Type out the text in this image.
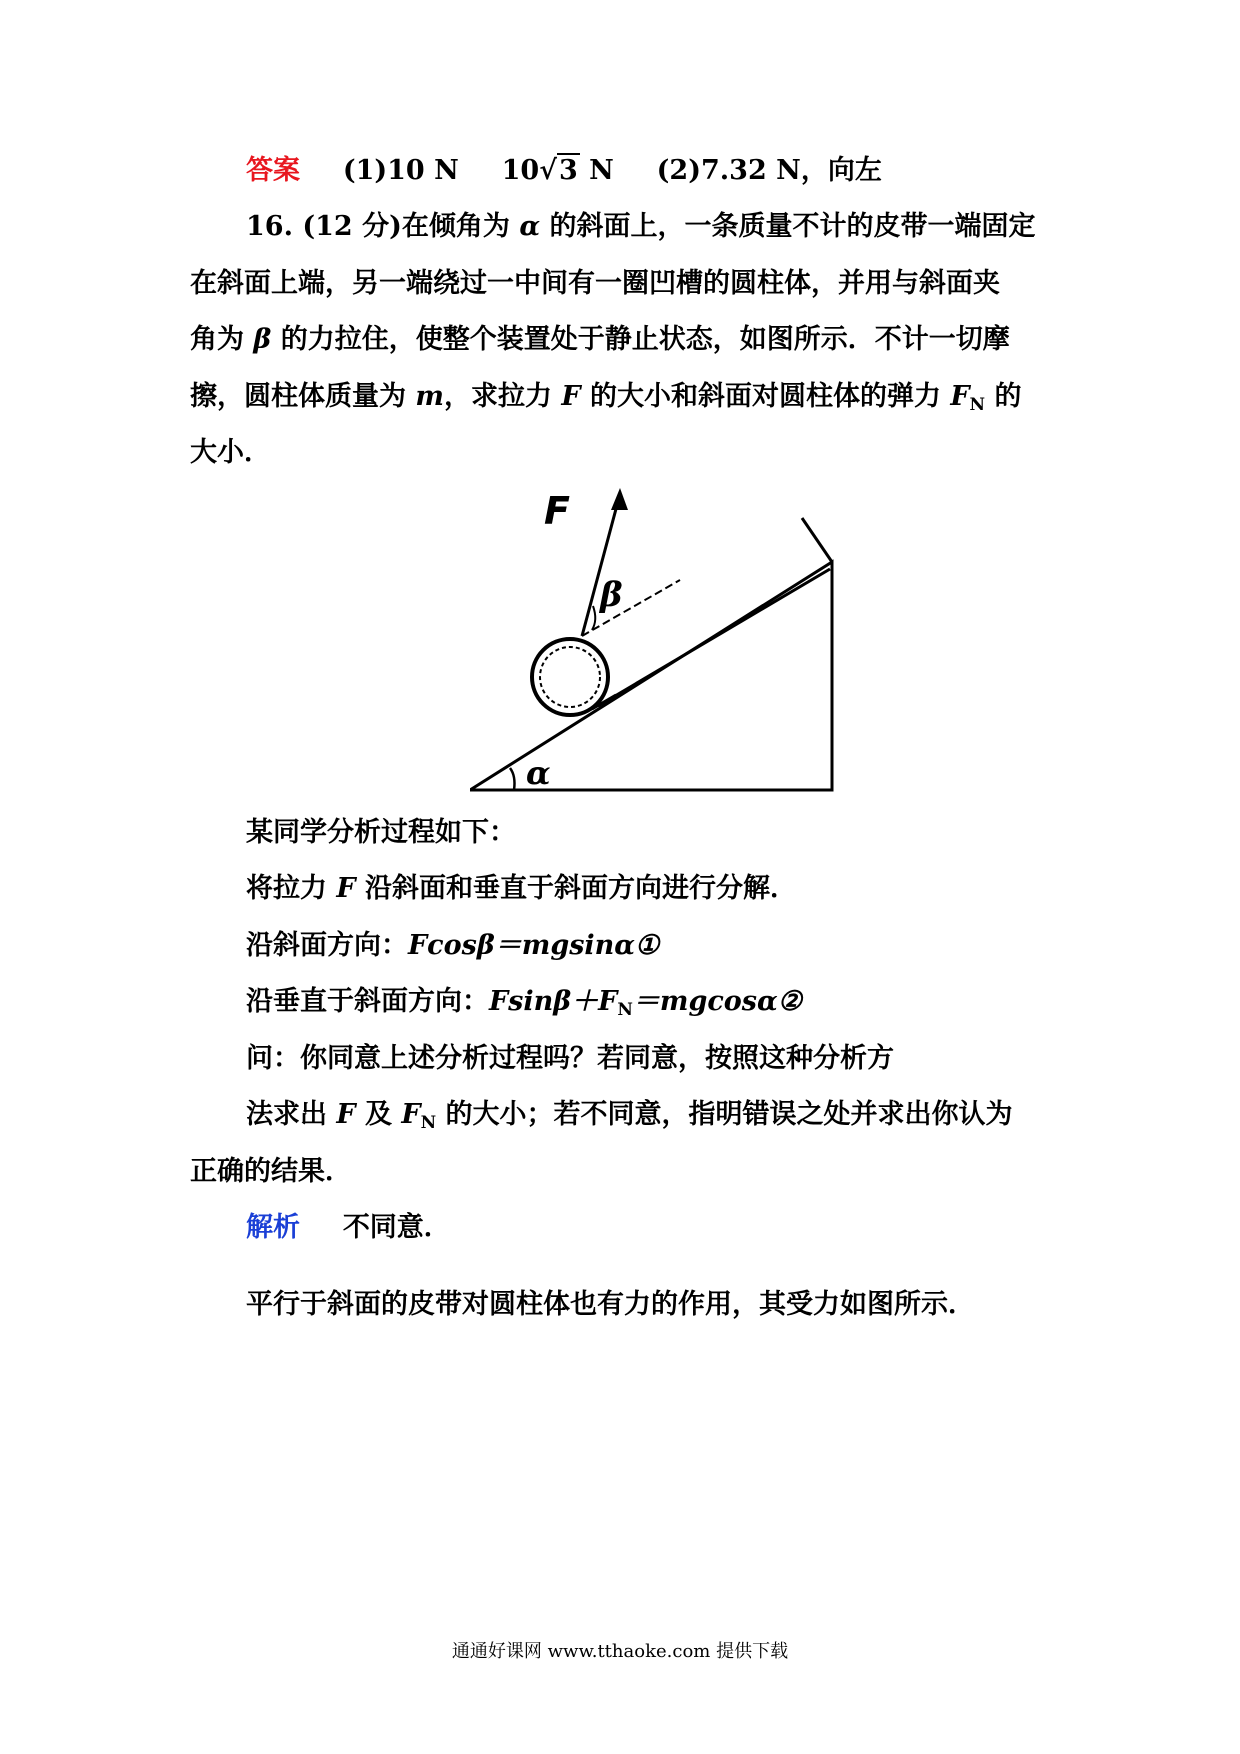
答案 (1)10 N 10√3 N (2)7.32 N，向左
16. (12 分)在倾角为 α 的斜面上，一条质量不计的皮带一端固定
在斜面上端，另一端绕过一中间有一圈凹槽的圆柱体，并用与斜面夹
角为 β 的力拉住，使整个装置处于静止状态，如图所示．不计一切摩
擦，圆柱体质量为 m，求拉力 F 的大小和斜面对圆柱体的弹力 $F_N$ 的
大小．
F
β
α
某同学分析过程如下：
将拉力 F 沿斜面和垂直于斜面方向进行分解．
沿斜面方向：Fcosβ＝mgsinα①
沿垂直于斜面方向：$Fsin\beta+F_N=mgcos\alpha ②$
问：你同意上述分析过程吗？若同意，按照这种分析方
法求出 F 及 $F_N$ 的大小；若不同意，指明错误之处并求出你认为
正确的结果．
解析 不同意．
平行于斜面的皮带对圆柱体也有力的作用，其受力如图所示．
通通好课网 www.tthaoke.com 提供下载
